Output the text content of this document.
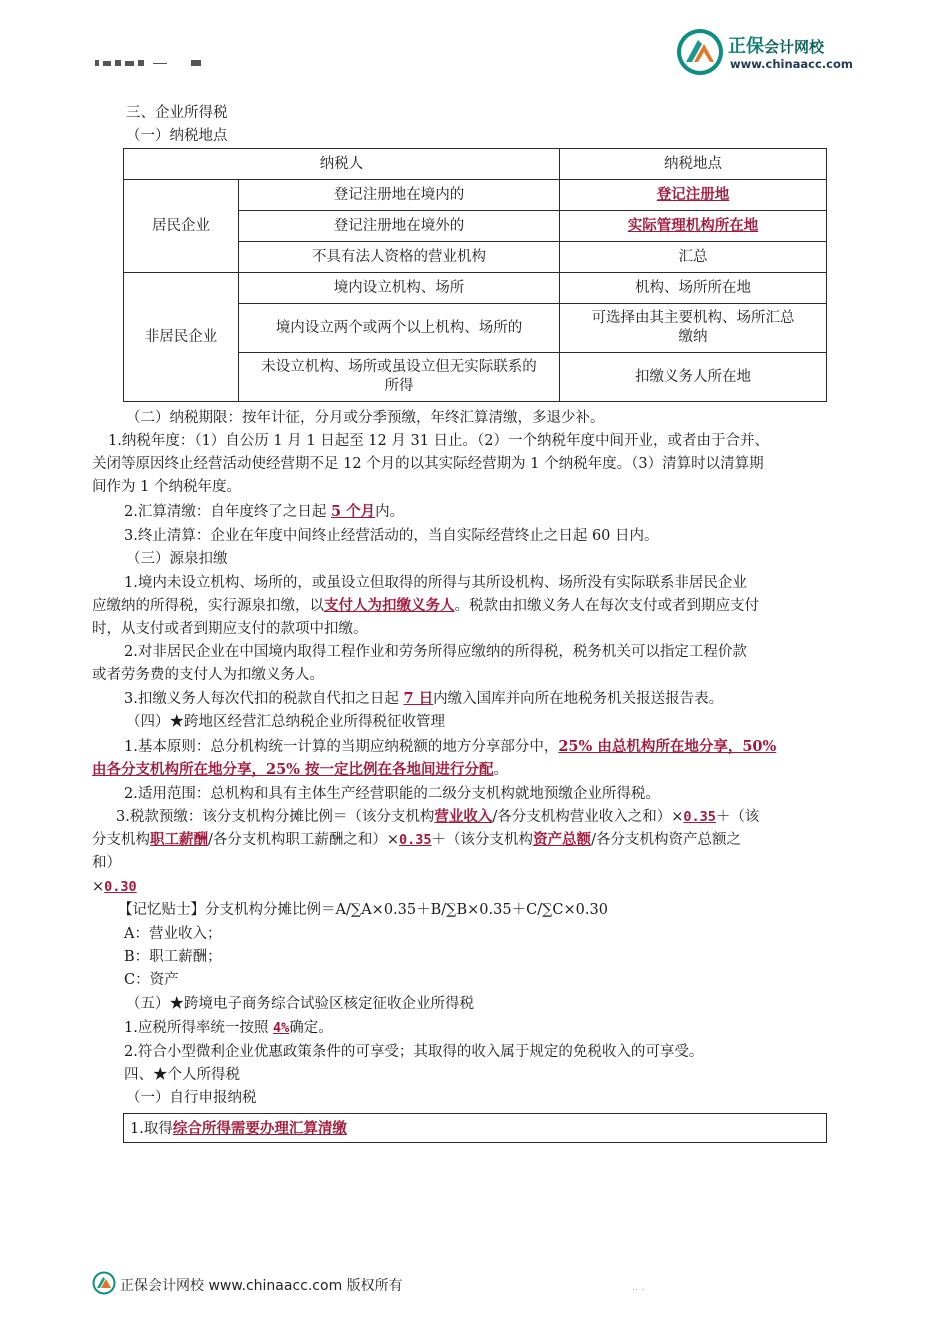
正保会计网校
www.chinaacc.com
三、企业所得税
（一）纳税地点
纳税人		纳税地点
居民企业	登记注册地在境内的	登记注册地
	登记注册地在境外的	实际管理机构所在地
	不具有法人资格的营业机构	汇总
非居民企业	境内设立机构、场所	机构、场所所在地
	境内设立两个或两个以上机构、场所的	可选择由其主要机构、场所汇总缴纳
	未设立机构、场所或虽设立但无实际联系的所得	扣缴义务人所在地
（二）纳税期限：按年计征，分月或分季预缴，年终汇算清缴，多退少补。
1.纳税年度：（1）自公历 1 月 1 日起至 12 月 31 日止。（2）一个纳税年度中间开业，或者由于合并、
关闭等原因终止经营活动使经营期不足 12 个月的以其实际经营期为 1 个纳税年度。（3）清算时以清算期
间作为 1 个纳税年度。
2.汇算清缴：自年度终了之日起 5 个月内。
3.终止清算：企业在年度中间终止经营活动的，当自实际经营终止之日起 60 日内。
（三）源泉扣缴
1.境内未设立机构、场所的，或虽设立但取得的所得与其所设机构、场所没有实际联系非居民企业
应缴纳的所得税，实行源泉扣缴，以支付人为扣缴义务人。税款由扣缴义务人在每次支付或者到期应支付
时，从支付或者到期应支付的款项中扣缴。
2.对非居民企业在中国境内取得工程作业和劳务所得应缴纳的所得税，税务机关可以指定工程价款
或者劳务费的支付人为扣缴义务人。
3.扣缴义务人每次代扣的税款自代扣之日起 7 日内缴入国库并向所在地税务机关报送报告表。
（四）★跨地区经营汇总纳税企业所得税征收管理
1.基本原则：总分机构统一计算的当期应纳税额的地方分享部分中，25% 由总机构所在地分享，50%
由各分支机构所在地分享，25% 按一定比例在各地间进行分配。
2.适用范围：总机构和具有主体生产经营职能的二级分支机构就地预缴企业所得税。
3.税款预缴：该分支机构分摊比例＝（该分支机构营业收入/各分支机构营业收入之和）×0.35＋（该
分支机构职工薪酬/各分支机构职工薪酬之和）×0.35＋（该分支机构资产总额/各分支机构资产总额之
和）
×0.30
【记忆贴士】分支机构分摊比例＝A/∑A×0.35＋B/∑B×0.35＋C/∑C×0.30
A：营业收入；
B：职工薪酬；
C：资产
（五）★跨境电子商务综合试验区核定征收企业所得税
1.应税所得率统一按照 4%确定。
2.符合小型微利企业优惠政策条件的可享受；其取得的收入属于规定的免税收入的可享受。
四、★个人所得税
（一）自行申报纳税
1.取得综合所得需要办理汇算清缴
正保会计网校 www.chinaacc.com 版权所有	‧‧ ‧
